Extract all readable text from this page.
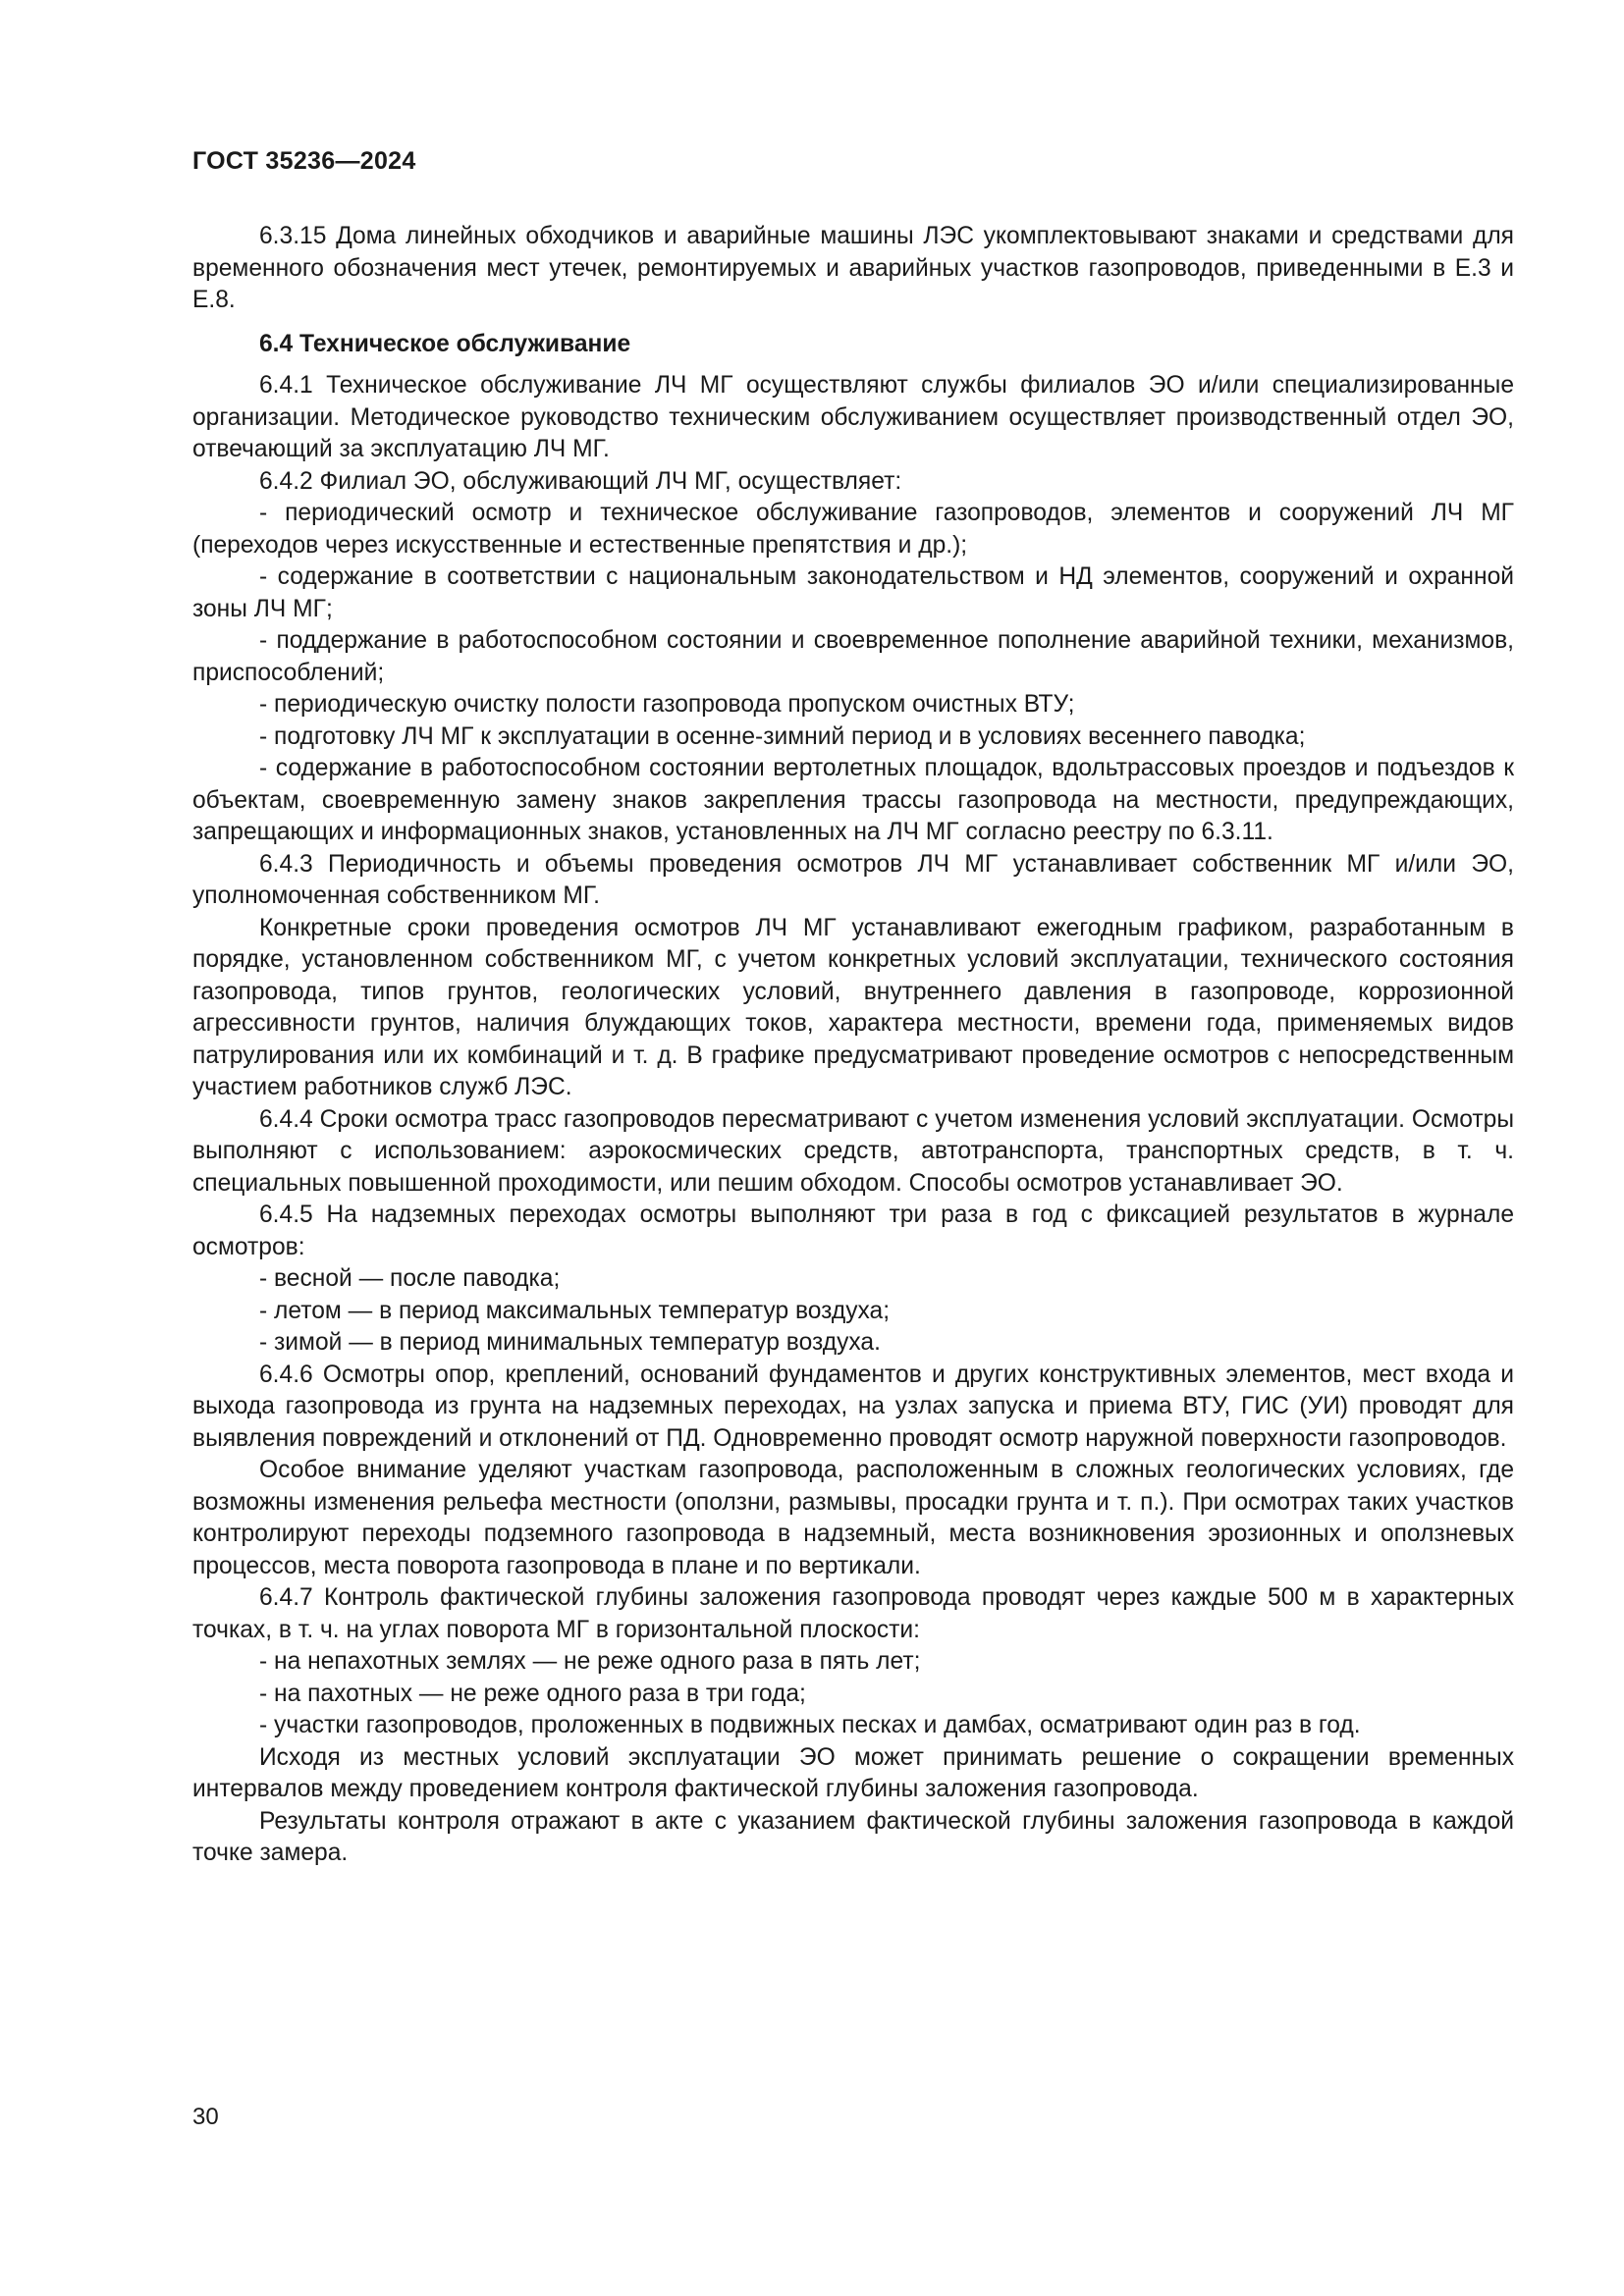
ГОСТ 35236—2024

6.3.15 Дома линейных обходчиков и аварийные машины ЛЭС укомплектовывают знаками и средствами для временного обозначения мест утечек, ремонтируемых и аварийных участков газопроводов, приведенными в Е.3 и Е.8.

6.4 Техническое обслуживание

6.4.1 Техническое обслуживание ЛЧ МГ осуществляют службы филиалов ЭО и/или специализированные организации. Методическое руководство техническим обслуживанием осуществляет производственный отдел ЭО, отвечающий за эксплуатацию ЛЧ МГ.

6.4.2 Филиал ЭО, обслуживающий ЛЧ МГ, осуществляет:

- периодический осмотр и техническое обслуживание газопроводов, элементов и сооружений ЛЧ МГ (переходов через искусственные и естественные препятствия и др.);

- содержание в соответствии с национальным законодательством и НД элементов, сооружений и охранной зоны ЛЧ МГ;

- поддержание в работоспособном состоянии и своевременное пополнение аварийной техники, механизмов, приспособлений;

- периодическую очистку полости газопровода пропуском очистных ВТУ;

- подготовку ЛЧ МГ к эксплуатации в осенне-зимний период и в условиях весеннего паводка;

- содержание в работоспособном состоянии вертолетных площадок, вдольтрассовых проездов и подъездов к объектам, своевременную замену знаков закрепления трассы газопровода на местности, предупреждающих, запрещающих и информационных знаков, установленных на ЛЧ МГ согласно реестру по 6.3.11.

6.4.3 Периодичность и объемы проведения осмотров ЛЧ МГ устанавливает собственник МГ и/или ЭО, уполномоченная собственником МГ.

Конкретные сроки проведения осмотров ЛЧ МГ устанавливают ежегодным графиком, разработанным в порядке, установленном собственником МГ, с учетом конкретных условий эксплуатации, технического состояния газопровода, типов грунтов, геологических условий, внутреннего давления в газопроводе, коррозионной агрессивности грунтов, наличия блуждающих токов, характера местности, времени года, применяемых видов патрулирования или их комбинаций и т. д. В графике предусматривают проведение осмотров с непосредственным участием работников служб ЛЭС.

6.4.4 Сроки осмотра трасс газопроводов пересматривают с учетом изменения условий эксплуатации. Осмотры выполняют с использованием: аэрокосмических средств, автотранспорта, транспортных средств, в т. ч. специальных повышенной проходимости, или пешим обходом. Способы осмотров устанавливает ЭО.

6.4.5 На надземных переходах осмотры выполняют три раза в год с фиксацией результатов в журнале осмотров:

- весной — после паводка;

- летом — в период максимальных температур воздуха;

- зимой — в период минимальных температур воздуха.

6.4.6 Осмотры опор, креплений, оснований фундаментов и других конструктивных элементов, мест входа и выхода газопровода из грунта на надземных переходах, на узлах запуска и приема ВТУ, ГИС (УИ) проводят для выявления повреждений и отклонений от ПД. Одновременно проводят осмотр наружной поверхности газопроводов.

Особое внимание уделяют участкам газопровода, расположенным в сложных геологических условиях, где возможны изменения рельефа местности (оползни, размывы, просадки грунта и т. п.). При осмотрах таких участков контролируют переходы подземного газопровода в надземный, места возникновения эрозионных и оползневых процессов, места поворота газопровода в плане и по вертикали.

6.4.7 Контроль фактической глубины заложения газопровода проводят через каждые 500 м в характерных точках, в т. ч. на углах поворота МГ в горизонтальной плоскости:

- на непахотных землях — не реже одного раза в пять лет;

- на пахотных — не реже одного раза в три года;

- участки газопроводов, проложенных в подвижных песках и дамбах, осматривают один раз в год.

Исходя из местных условий эксплуатации ЭО может принимать решение о сокращении временных интервалов между проведением контроля фактической глубины заложения газопровода.

Результаты контроля отражают в акте с указанием фактической глубины заложения газопровода в каждой точке замера.

30
